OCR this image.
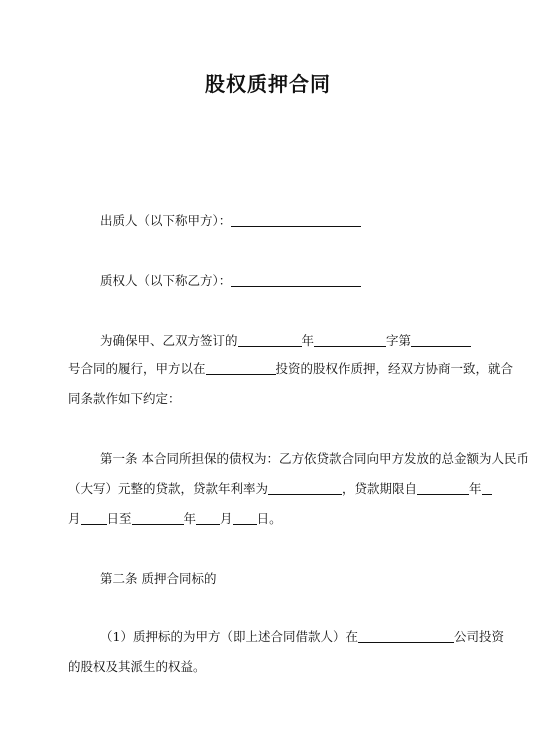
股权质押合同
出质人（以下称甲方）：
质权人（以下称乙方）：
为确保甲、乙双方签订的	年	字第
号合同的履行，甲方以在	投资的股权作质押，经双方协商一致，就合
同条款作如下约定：
第一条 本合同所担保的债权为：乙方依贷款合同向甲方发放的总金额为人民币
（大写）元整的贷款，贷款年利率为	，贷款期限自	年
月 日至	年 月 日。
第二条 质押合同标的
（1）质押标的为甲方（即上述合同借款人）在	公司投资
的股权及其派生的权益。
